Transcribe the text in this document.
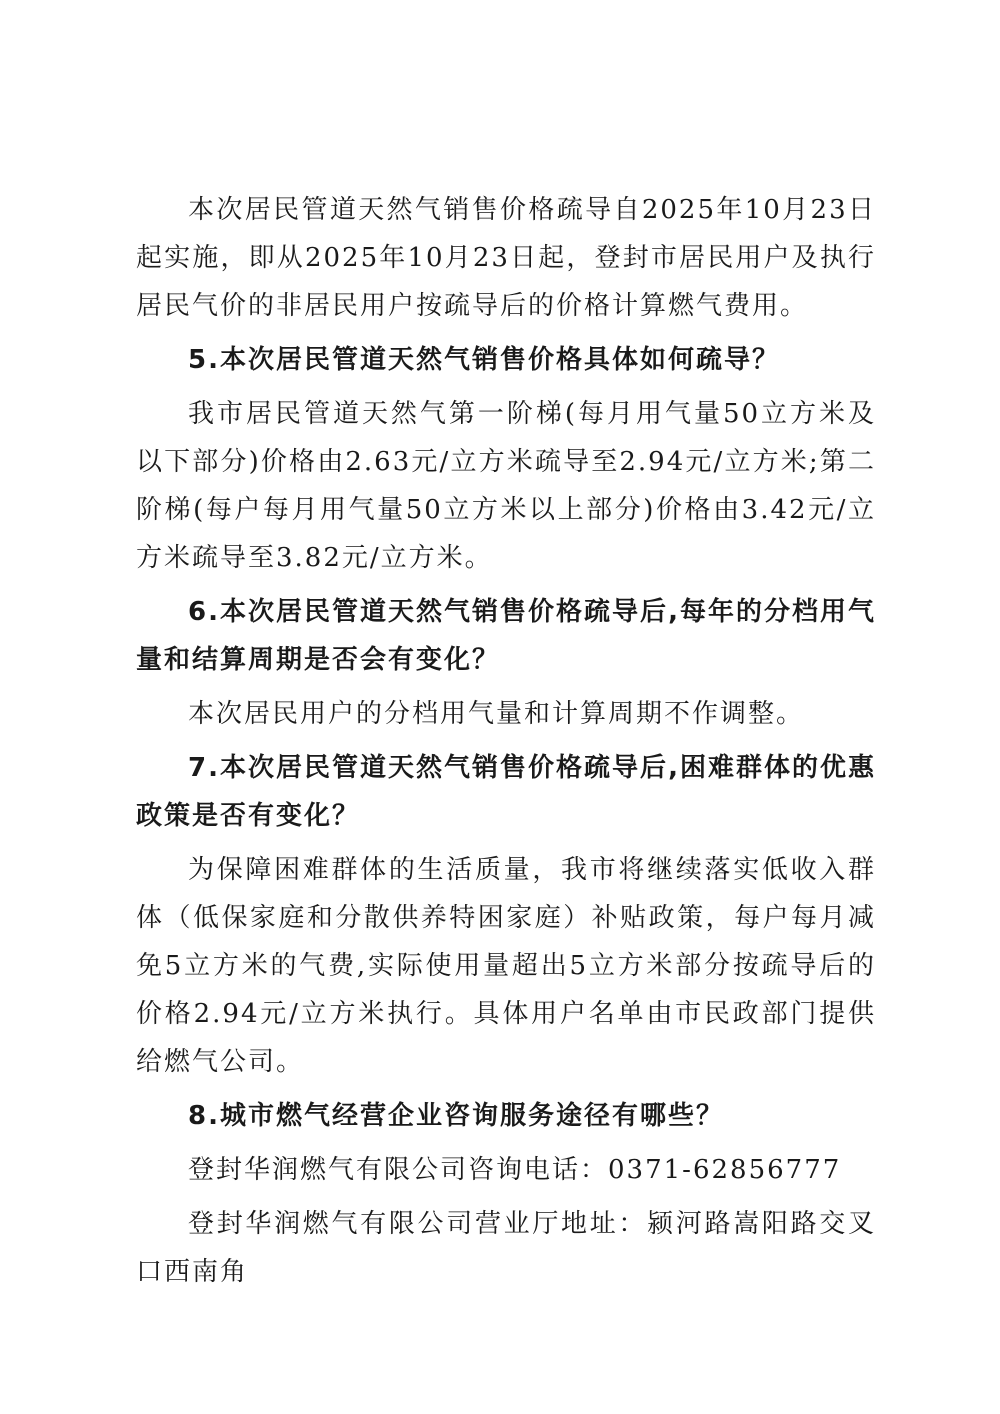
本次居民管道天然气销售价格疏导自2025年10月23日起实施，即从2025年10月23日起，登封市居民用户及执行居民气价的非居民用户按疏导后的价格计算燃气费用。

5.本次居民管道天然气销售价格具体如何疏导？

我市居民管道天然气第一阶梯(每月用气量50立方米及以下部分)价格由2.63元/立方米疏导至2.94元/立方米;第二阶梯(每户每月用气量50立方米以上部分)价格由3.42元/立方米疏导至3.82元/立方米。

6.本次居民管道天然气销售价格疏导后,每年的分档用气量和结算周期是否会有变化？

本次居民用户的分档用气量和计算周期不作调整。

7.本次居民管道天然气销售价格疏导后,困难群体的优惠政策是否有变化？

为保障困难群体的生活质量，我市将继续落实低收入群体（低保家庭和分散供养特困家庭）补贴政策，每户每月减免5立方米的气费,实际使用量超出5立方米部分按疏导后的价格2.94元/立方米执行。具体用户名单由市民政部门提供给燃气公司。

8.城市燃气经营企业咨询服务途径有哪些？

登封华润燃气有限公司咨询电话：0371-62856777

登封华润燃气有限公司营业厅地址：颍河路嵩阳路交叉口西南角
